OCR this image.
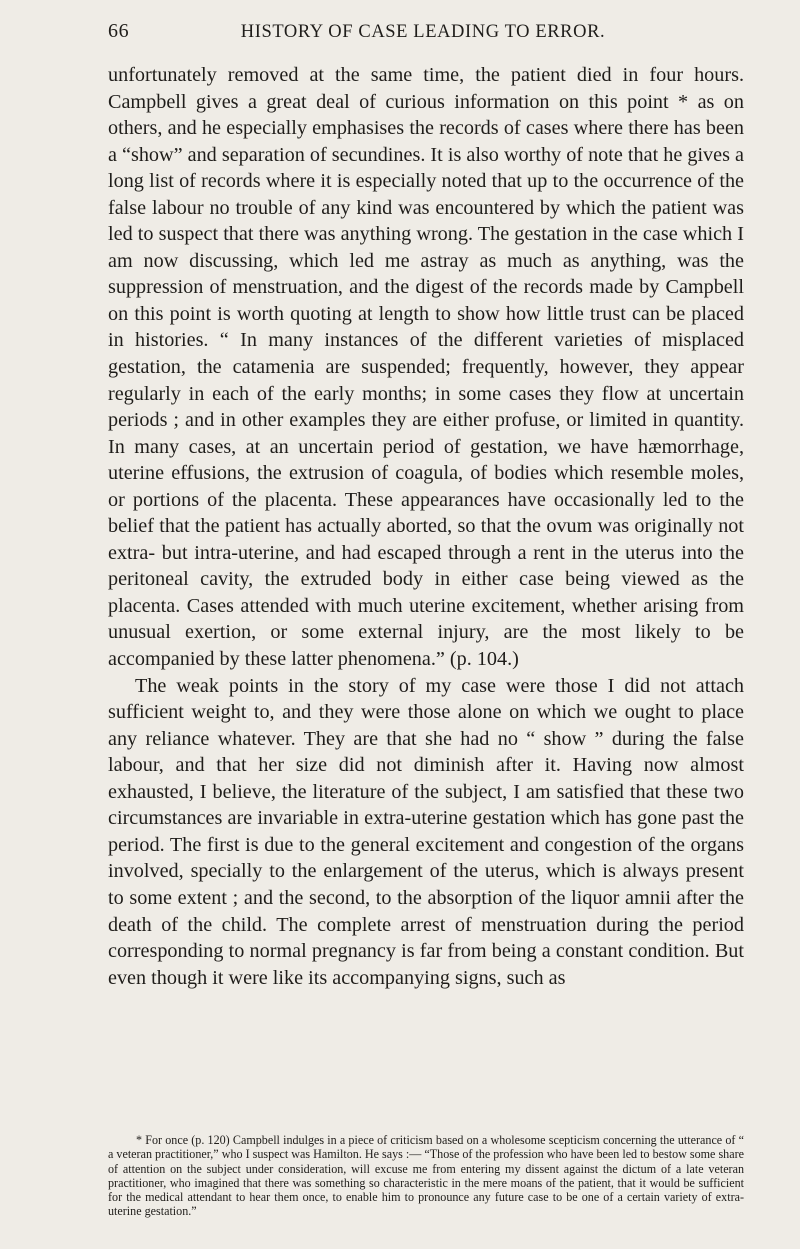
66	HISTORY OF CASE LEADING TO ERROR.

unfortunately removed at the same time, the patient died in four hours. Campbell gives a great deal of curious information on this point * as on others, and he especially emphasises the records of cases where there has been a “show” and separation of secundines. It is also worthy of note that he gives a long list of records where it is especially noted that up to the occurrence of the false labour no trouble of any kind was encountered by which the patient was led to suspect that there was anything wrong. The gestation in the case which I am now discussing, which led me astray as much as anything, was the suppression of menstruation, and the digest of the records made by Campbell on this point is worth quoting at length to show how little trust can be placed in histories. “ In many instances of the different varieties of misplaced gestation, the catamenia are suspended; frequently, however, they appear regularly in each of the early months; in some cases they flow at uncertain periods ; and in other examples they are either profuse, or limited in quantity. In many cases, at an uncertain period of gestation, we have hæmorrhage, uterine effusions, the extrusion of coagula, of bodies which resemble moles, or portions of the placenta. These appearances have occasionally led to the belief that the patient has actually aborted, so that the ovum was originally not extra- but intra-uterine, and had escaped through a rent in the uterus into the peritoneal cavity, the extruded body in either case being viewed as the placenta. Cases attended with much uterine excitement, whether arising from unusual exertion, or some external injury, are the most likely to be accompanied by these latter phenomena.” (p. 104.)

The weak points in the story of my case were those I did not attach sufficient weight to, and they were those alone on which we ought to place any reliance whatever. They are that she had no “ show ” during the false labour, and that her size did not diminish after it. Having now almost exhausted, I believe, the literature of the subject, I am satisfied that these two circumstances are invariable in extra-uterine gestation which has gone past the period. The first is due to the general excitement and congestion of the organs involved, specially to the enlargement of the uterus, which is always present to some extent ; and the second, to the absorption of the liquor amnii after the death of the child. The complete arrest of menstruation during the period corresponding to normal pregnancy is far from being a constant condition. But even though it were like its accompanying signs, such as

* For once (p. 120) Campbell indulges in a piece of criticism based on a wholesome scepticism concerning the utterance of “ a veteran practitioner,” who I suspect was Hamilton. He says :— “Those of the profession who have been led to bestow some share of attention on the subject under consideration, will excuse me from entering my dissent against the dictum of a late veteran practitioner, who imagined that there was something so characteristic in the mere moans of the patient, that it would be sufficient for the medical attendant to hear them once, to enable him to pronounce any future case to be one of a certain variety of extra-uterine gestation.”
